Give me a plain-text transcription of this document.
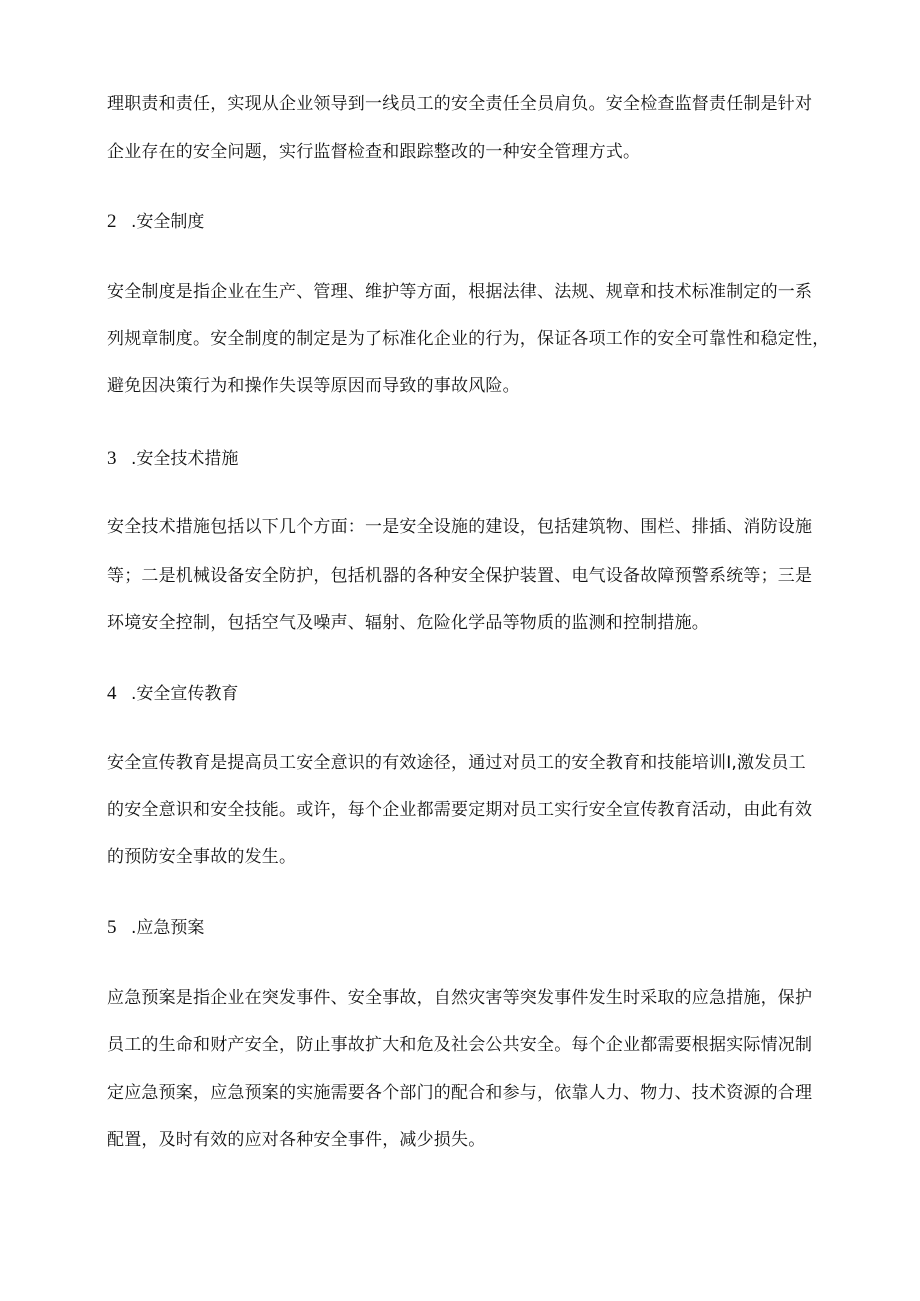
理职责和责任，实现从企业领导到一线员工的安全责任全员肩负。安全检查监督责任制是针对
企业存在的安全问题，实行监督检查和跟踪整改的一种安全管理方式。
2 .安全制度
安全制度是指企业在生产、管理、维护等方面，根据法律、法规、规章和技术标准制定的一系
列规章制度。安全制度的制定是为了标准化企业的行为，保证各项工作的安全可靠性和稳定性，
避免因决策行为和操作失误等原因而导致的事故风险。
3 .安全技术措施
安全技术措施包括以下几个方面：一是安全设施的建设，包括建筑物、围栏、排插、消防设施
等；二是机械设备安全防护，包括机器的各种安全保护装置、电气设备故障预警系统等；三是
环境安全控制，包括空气及噪声、辐射、危险化学品等物质的监测和控制措施。
4 .安全宣传教育
安全宣传教育是提高员工安全意识的有效途径，通过对员工的安全教育和技能培训I,激发员工
的安全意识和安全技能。或许，每个企业都需要定期对员工实行安全宣传教育活动，由此有效
的预防安全事故的发生。
5 .应急预案
应急预案是指企业在突发事件、安全事故，自然灾害等突发事件发生时采取的应急措施，保护
员工的生命和财产安全，防止事故扩大和危及社会公共安全。每个企业都需要根据实际情况制
定应急预案，应急预案的实施需要各个部门的配合和参与，依靠人力、物力、技术资源的合理
配置，及时有效的应对各种安全事件，减少损失。
